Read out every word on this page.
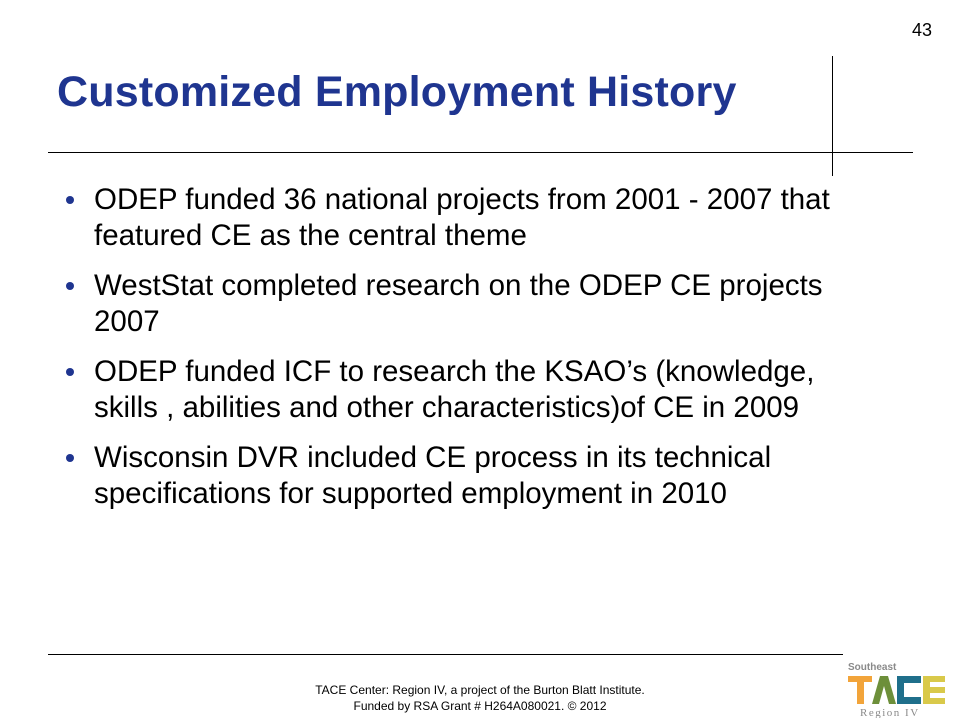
43
Customized Employment History
ODEP funded 36 national projects from 2001 - 2007 that featured CE as the central theme
WestStat completed research on the ODEP CE projects 2007
ODEP funded ICF to research the KSAO’s (knowledge, skills , abilities and other characteristics)of CE in 2009
Wisconsin DVR included CE process in its technical specifications for supported employment in 2010
TACE Center: Region IV, a project of the Burton Blatt Institute.
Funded by RSA Grant # H264A080021. © 2012
Southeast
Region IV
